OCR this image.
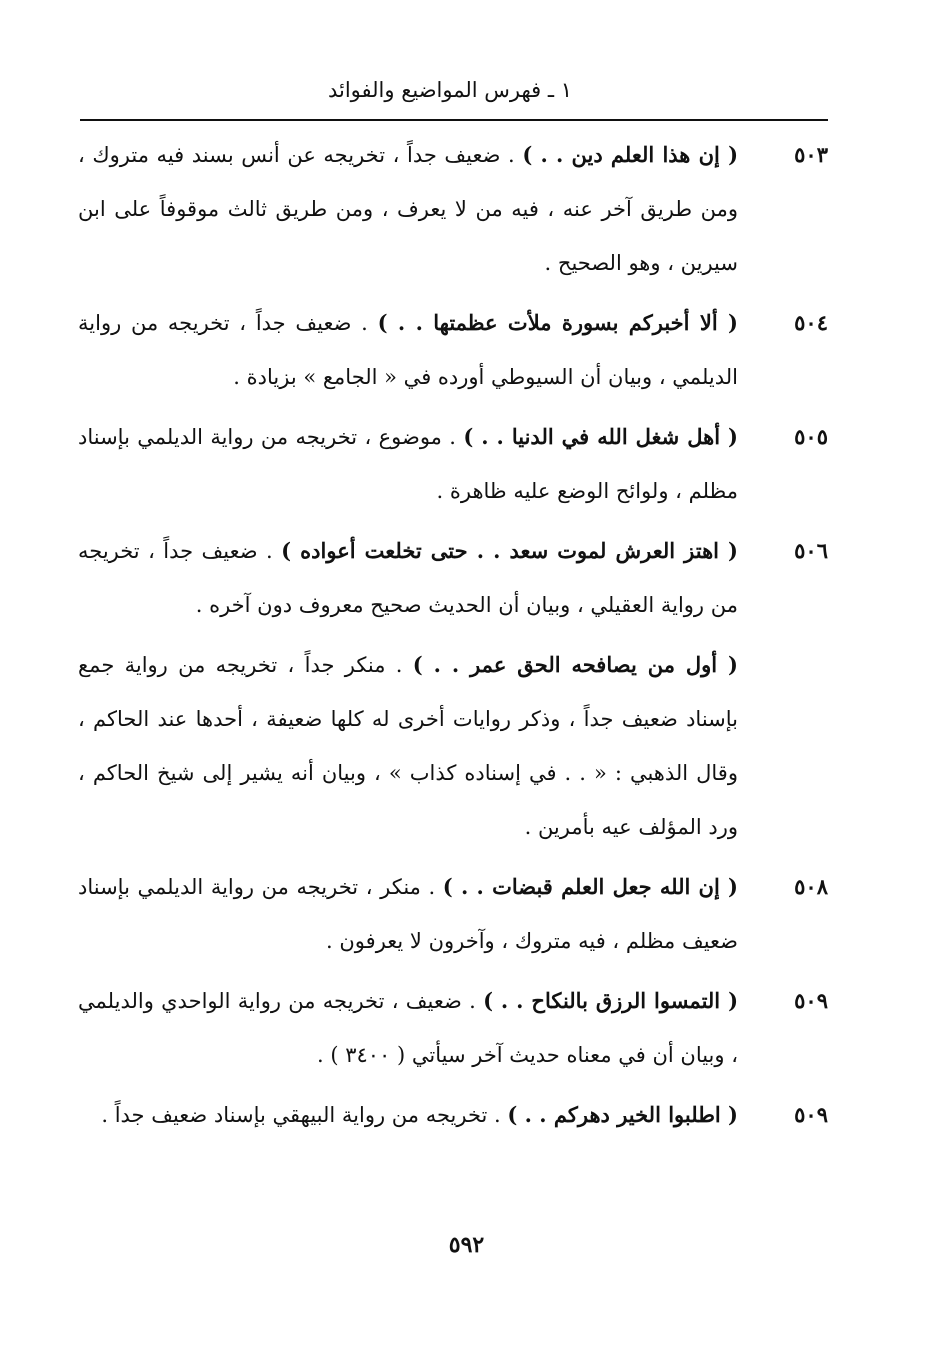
١ ـ فهرس المواضيع والفوائد
٥٠٣
( إن هذا العلم دين . . ) . ضعيف جداً ، تخريجه عن أنس بسند فيه متروك ، ومن طريق آخر عنه ، فيه من لا يعرف ، ومن طريق ثالث موقوفاً على ابن سيرين ، وهو الصحيح .
٥٠٤
( ألا أخبركم بسورة ملأت عظمتها . . ) . ضعيف جداً ، تخريجه من رواية الديلمي ، وبيان أن السيوطي أورده في « الجامع » بزيادة .
٥٠٥
( أهل شغل الله في الدنيا . . ) . موضوع ، تخريجه من رواية الديلمي بإسناد مظلم ، ولوائح الوضع عليه ظاهرة .
٥٠٦
( اهتز العرش لموت سعد . . حتى تخلعت أعواده ) . ضعيف جداً ، تخريجه من رواية العقيلي ، وبيان أن الحديث صحيح معروف دون آخره .
( أول من يصافحه الحق عمر . . ) . منكر جداً ، تخريجه من رواية جمع بإسناد ضعيف جداً ، وذكر روايات أخرى له كلها ضعيفة ، أحدها عند الحاكم ، وقال الذهبي : « . . في إسناده كذاب » ، وبيان أنه يشير إلى شيخ الحاكم ، ورد المؤلف عيه بأمرين .
٥٠٨
( إن الله جعل العلم قبضات . . ) . منكر ، تخريجه من رواية الديلمي بإسناد ضعيف مظلم ، فيه متروك ، وآخرون لا يعرفون .
٥٠٩
( التمسوا الرزق بالنكاح . . ) . ضعيف ، تخريجه من رواية الواحدي والديلمي ، وبيان أن في معناه حديث آخر سيأتي ( ٣٤٠٠ ) .
٥٠٩
( اطلبوا الخير دهركم . . ) . تخريجه من رواية البيهقي بإسناد ضعيف جداً .
٥٩٢
